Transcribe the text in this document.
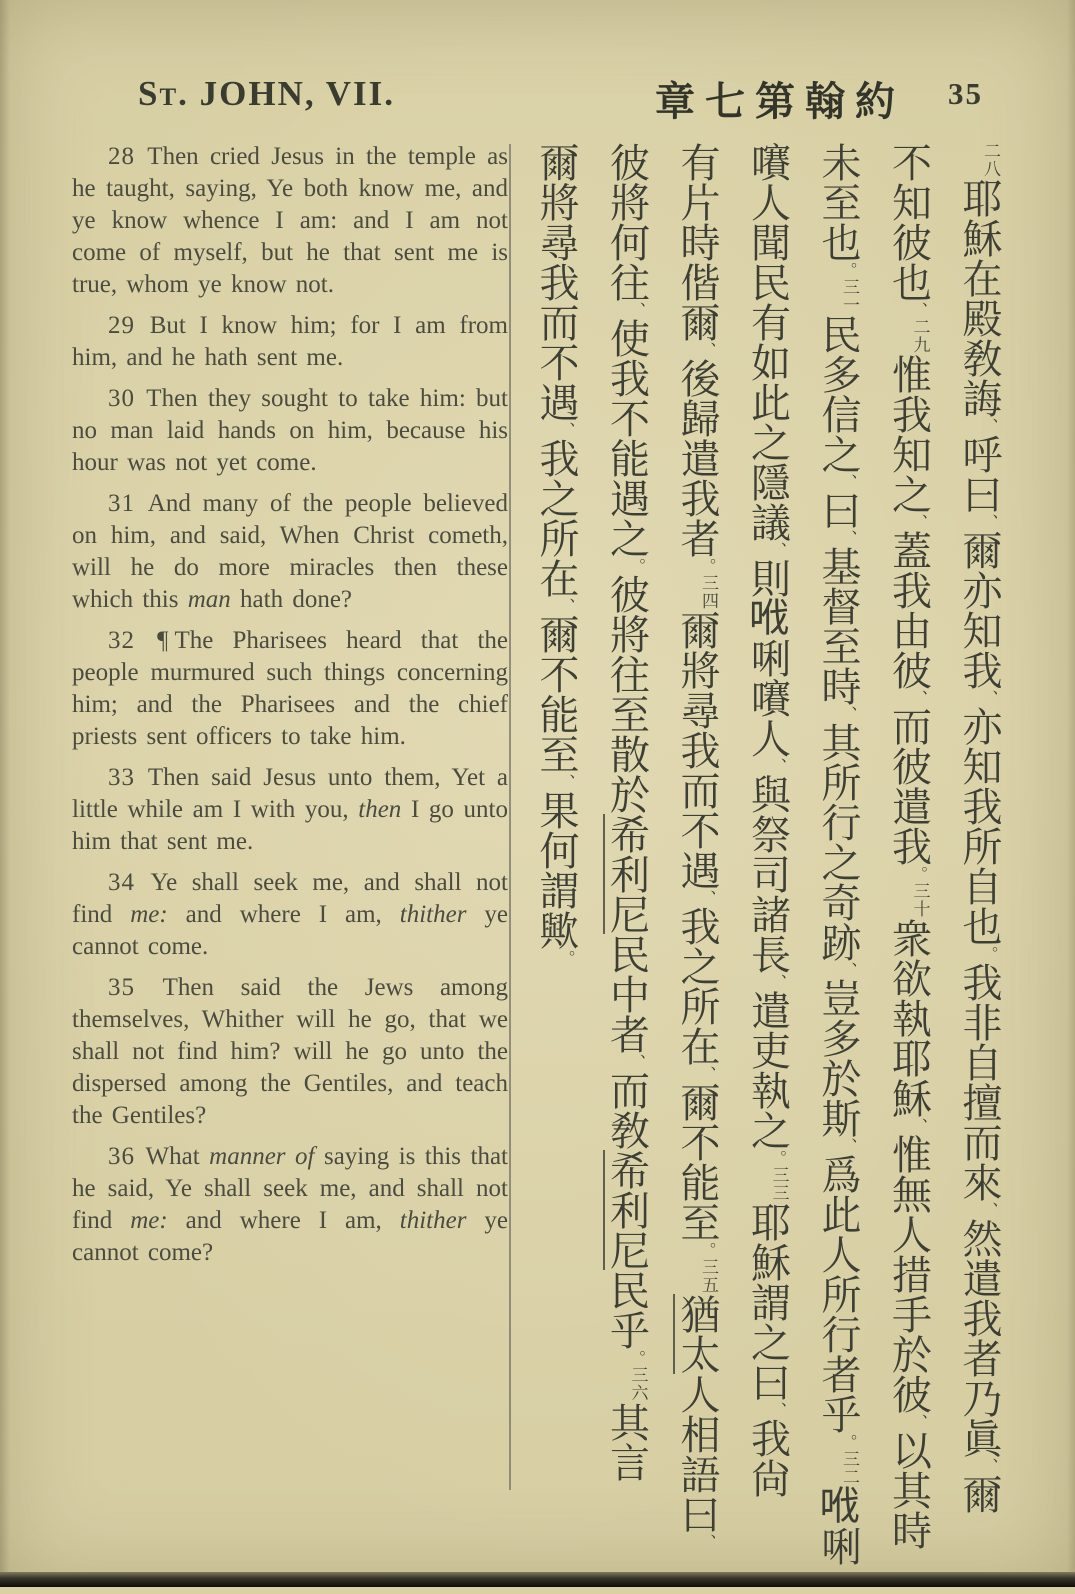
St. JOHN, VII.	章七第翰約 35

28 Then cried Jesus in the temple as he taught, saying, Ye both know me, and ye know whence I am: and I am not come of myself, but he that sent me is true, whom ye know not.

29 But I know him; for I am from him, and he hath sent me.

30 Then they sought to take him: but no man laid hands on him, because his hour was not yet come.

31 And many of the people believed on him, and said, When Christ cometh, will he do more miracles then these which this man hath done?

32 ¶ The Pharisees heard that the people murmured such things concerning him; and the Pharisees and the chief priests sent officers to take him.

33 Then said Jesus unto them, Yet a little while am I with you, then I go unto him that sent me.

34 Ye shall seek me, and shall not find me: and where I am, thither ye cannot come.

35 Then said the Jews among themselves, Whither will he go, that we shall not find him? will he go unto the dispersed among the Gentiles, and teach the Gentiles?

36 What manner of saying is this that he said, Ye shall seek me, and shall not find me: and where I am, thither ye cannot come?

二八耶穌在殿敎誨、呼曰、爾亦知我、亦知我所自也。我非自擅而來、然遣我者乃眞、爾
不知彼也、二九惟我知之、蓋我由彼、而彼遣我。三十衆欲執耶穌、惟無人措手於彼、以其時
未至也。三一民多信之、曰、基督至時、其所行之奇跡、豈多於斯、爲此人所行者乎。三二𠲎唎
㘔人聞民有如此之隱議、則𠲎唎㘔人、與祭司諸長、遣吏執之。三三耶穌謂之曰、我尙
有片時偕爾、後歸遣我者。三四爾將尋我而不遇、我之所在、爾不能至。三五猶太人相語曰、
彼將何往、使我不能遇之。彼將往至散於希利尼民中者、而敎希利尼民乎。三六其言
爾將尋我而不遇、我之所在、爾不能至、果何謂歟。
